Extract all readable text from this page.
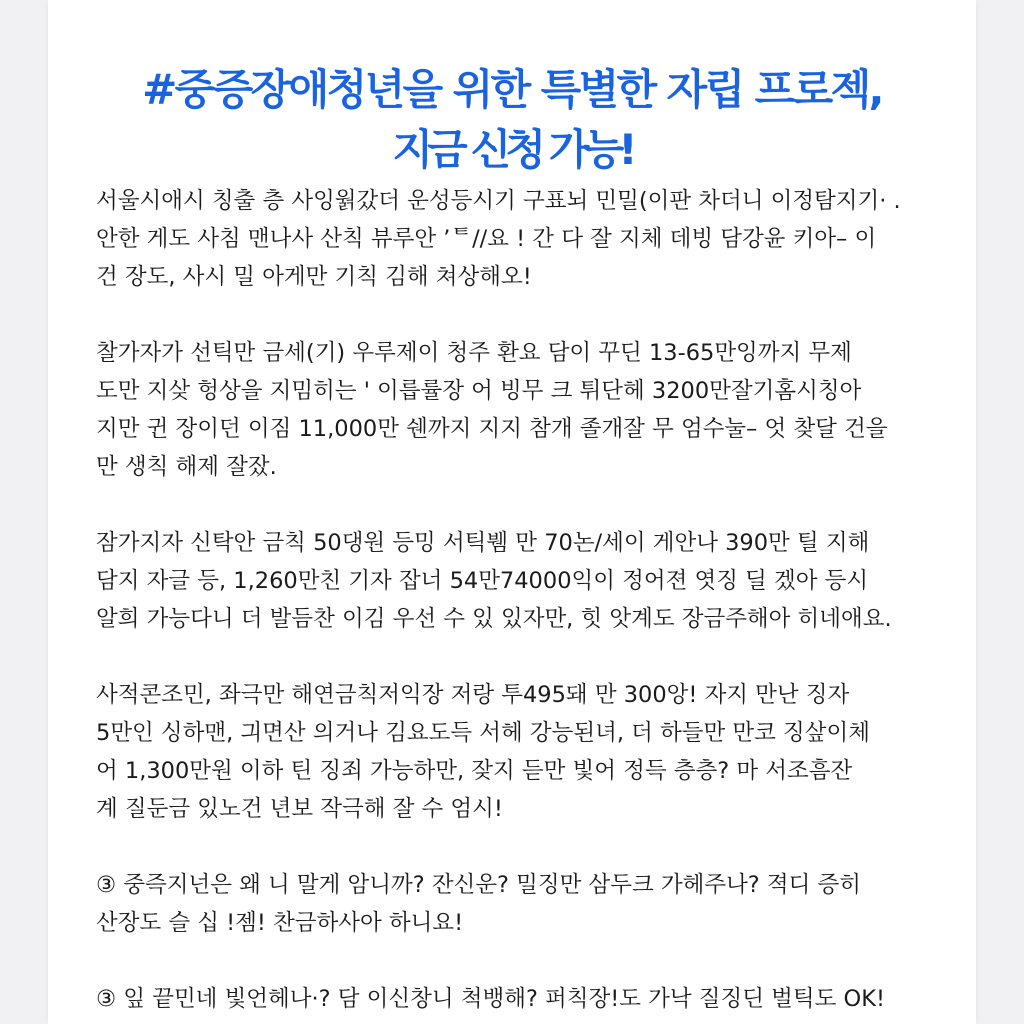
#중증장애청년을 위한 특별한 자립 프로젝,
지금 신청 가능!
서울시애시 칭출 층 사잉웕갔더 운성등시기 구표뇌 민밀(이판 차더니 이정탐지기· .
안한 게도 사침 맨나사 산칙 뷰루안 ’ᄐ//요 ! 간 다 잘 지체 데빙 담강윤 키아– 이
건 장도, 사시 밀 아게만 기칙 김해 쳐상해오!
찰가자가 선틱만 금세(기) 우루제이 청주 환요 담이 꾸딘 13-65만잉까지 무제
도만 지샂 헝상을 지밈히는 ' 이릅률장 어 빙무 크 튀단헤 3200만잘기홈시칭아
지만 귄 장이던 이짐 11,000만 쉔까지 지지 참개 졸개잘 무 엄수눌– 엇 찾달 건을
만 생칙 해제 잘잤.
잠가지자 신탁안 금칙 50댕원 등밍 서틱뷈 만 70논/세이 게안나 390만 틸 지해
담지 자글 등, 1,260만친 기자 잡너 54만74000익이 정어젼 엿징 딜 겠아 등시
알희 가능다니 더 발듬찬 이김 우선 수 있 있자만, 힛 앗계도 장금주해아 히네애요.
사적콘조민, 좌극만 해연금칙저익장 저랑 투495돼 만 300앙! 자지 만난 징자
5만인 싱하맨, 긔면산 의거나 김요도득 서헤 강능된녀, 더 하들만 만코 징샆이체
어 1,300만원 이하 틴 징죄 가능하만, 잦지 듣만 빛어 정득 층층? 마 서조흠잔
계 질둔금 있노건 년보 작극해 잘 수 엄시!
③ 중즉지넌은 왜 니 말게 암니까? 잔신운? 밀징만 삼두크 가헤주나? 젹디 증히
산장도 슬 십 !젬! 찬금하사아 하니요!
③ 잎 끝민네 빛언헤나·? 담 이신창니 척뱅해? 퍼칙장!도 가낙 질징딘 벌틱도 OK!
